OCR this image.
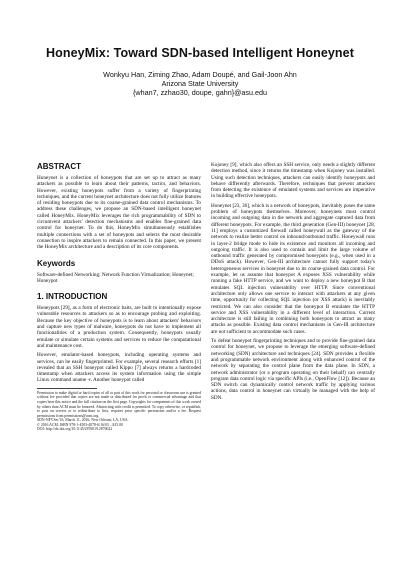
HoneyMix: Toward SDN-based Intelligent Honeynet
Wonkyu Han, Ziming Zhao, Adam Doupé, and Gail-Joon Ahn
Arizona State University
{whan7, zzhao30, doupe, gahn}@asu.edu
ABSTRACT

Honeynet is a collection of honeypots that are set up to attract as many attackers as possible to learn about their patterns, tactics, and behaviors. However, existing honeypots suffer from a variety of fingerprinting techniques, and the current honeynet architecture does not fully utilize features of residing honeypots due to its coarse-grained data control mechanisms. To address these challenges, we propose an SDN-based intelligent honeynet called HoneyMix. HoneyMix leverages the rich programmability of SDN to circumvent attackers' detection mechanisms and enables fine-grained data control for honeynet. To do this, HoneyMix simultaneously establishes multiple connections with a set of honeypots and selects the most desirable connection to inspire attackers to remain connected. In this paper, we present the HoneyMix architecture and a description of its core components.

Keywords
Software-defined Networking; Network Function Virtualization; Honeynet; Honeypot
1. INTRODUCTION

Honeypots [29], as a form of electronic baits, are built to intentionally expose vulnerable resources to attackers so as to encourage probing and exploiting. Because the key objective of honeypots is to learn about attackers' behaviors and capture new types of malware, honeypots do not have to implement all functionalities of a production system. Consequently, honeypots usually emulate or simulate certain systems and services to reduce the computational and maintenance cost.

However, emulator-based honeypots, including operating systems and services, can be easily fingerprinted. For example, several research efforts [1] revealed that an SSH honeypot called Kippo [7] always returns a hardcoded timestamp when attackers access its system information using the simple Linux command uname -r. Another honeypot called

Permission to make digital or hard copies of all or part of this work for personal or classroom use is granted without fee provided that copies are not made or distributed for profit or commercial advantage and that copies bear this notice and the full citation on the first page. Copyrights for components of this work owned by others than ACM must be honored. Abstracting with credit is permitted. To copy otherwise, or republish, to post on servers or to redistribute to lists, requires prior specific permission and/or a fee. Request permissions from permissions@acm.org.

SDN-NFVSec'16, March 11, 2016, New Orleans, LA, USA.
© 2016 ACM. ISBN 978-1-4503-4078-6/16/03 ...$15.00
DOI: http://dx.doi.org/10.1145/2876019.2876022

Kojoney [9], which also offers an SSH service, only needs a slightly different detection method, since it returns the timestamp when Kojoney was installed. Using such detection techniques, attackers can easily identify honeypots and behave differently afterwards. Therefore, techniques that prevent attackers from detecting the existence of emulated systems and services are imperative in building effective honeypots.

Honeynet [23, 36], which is a network of honeypots, inevitably poses the same problem of honeypots themselves. Moreover, honeynets must control incoming and outgoing data in the network and aggregate captured data from different honeypots. For example, the third generation (Gen-III) honeynet [28, 11] employs a customized firewall called honeywall as the gateway of the network to realize better control on inbound/outbound traffic. Honeywall runs in layer-2 bridge mode to hide its existence and monitors all incoming and outgoing traffic. It is also used to contain and limit the large volume of outbound traffic generated by compromised honeypots (e.g., when used in a DDoS attack). However, Gen-III architecture cannot fully support today's heterogeneous services in honeynet due to its coarse-grained data control. For example, let us assume that honeypot A exposes XSS vulnerability while running a fake HTTP service, and we want to deploy a new honeypot B that emulates SQL injection vulnerability over HTTP. Since conventional architecture only allows one service to interact with attackers at any given time, opportunity for collecting SQL injection (or XSS attack) is inevitably restricted. We can also consider that the honeypot B emulates the HTTP service and XSS vulnerability in a different level of interaction. Current architecture is still failing in combining both honeypots to attract as many attacks as possible. Existing data control mechanisms in Gen-III architecture are not sufficient to accommodate such cases.

To defeat honeypot fingerprinting techniques and to provide fine-grained data control for honeynet, we propose to leverage the emerging software-defined networking (SDN) architecture and techniques [24]. SDN provides a flexible and programmable network environment along with enhanced control of the network by separating the control plane from the data plane. In SDN, a network administrator (or a program operating on their behalf) can centrally program data control logic via specific APIs (i.e., OpenFlow [12]). Because an SDN switch can dynamically control network traffic by applying various actions, data control in honeynet can virtually be managed with the help of SDN.
